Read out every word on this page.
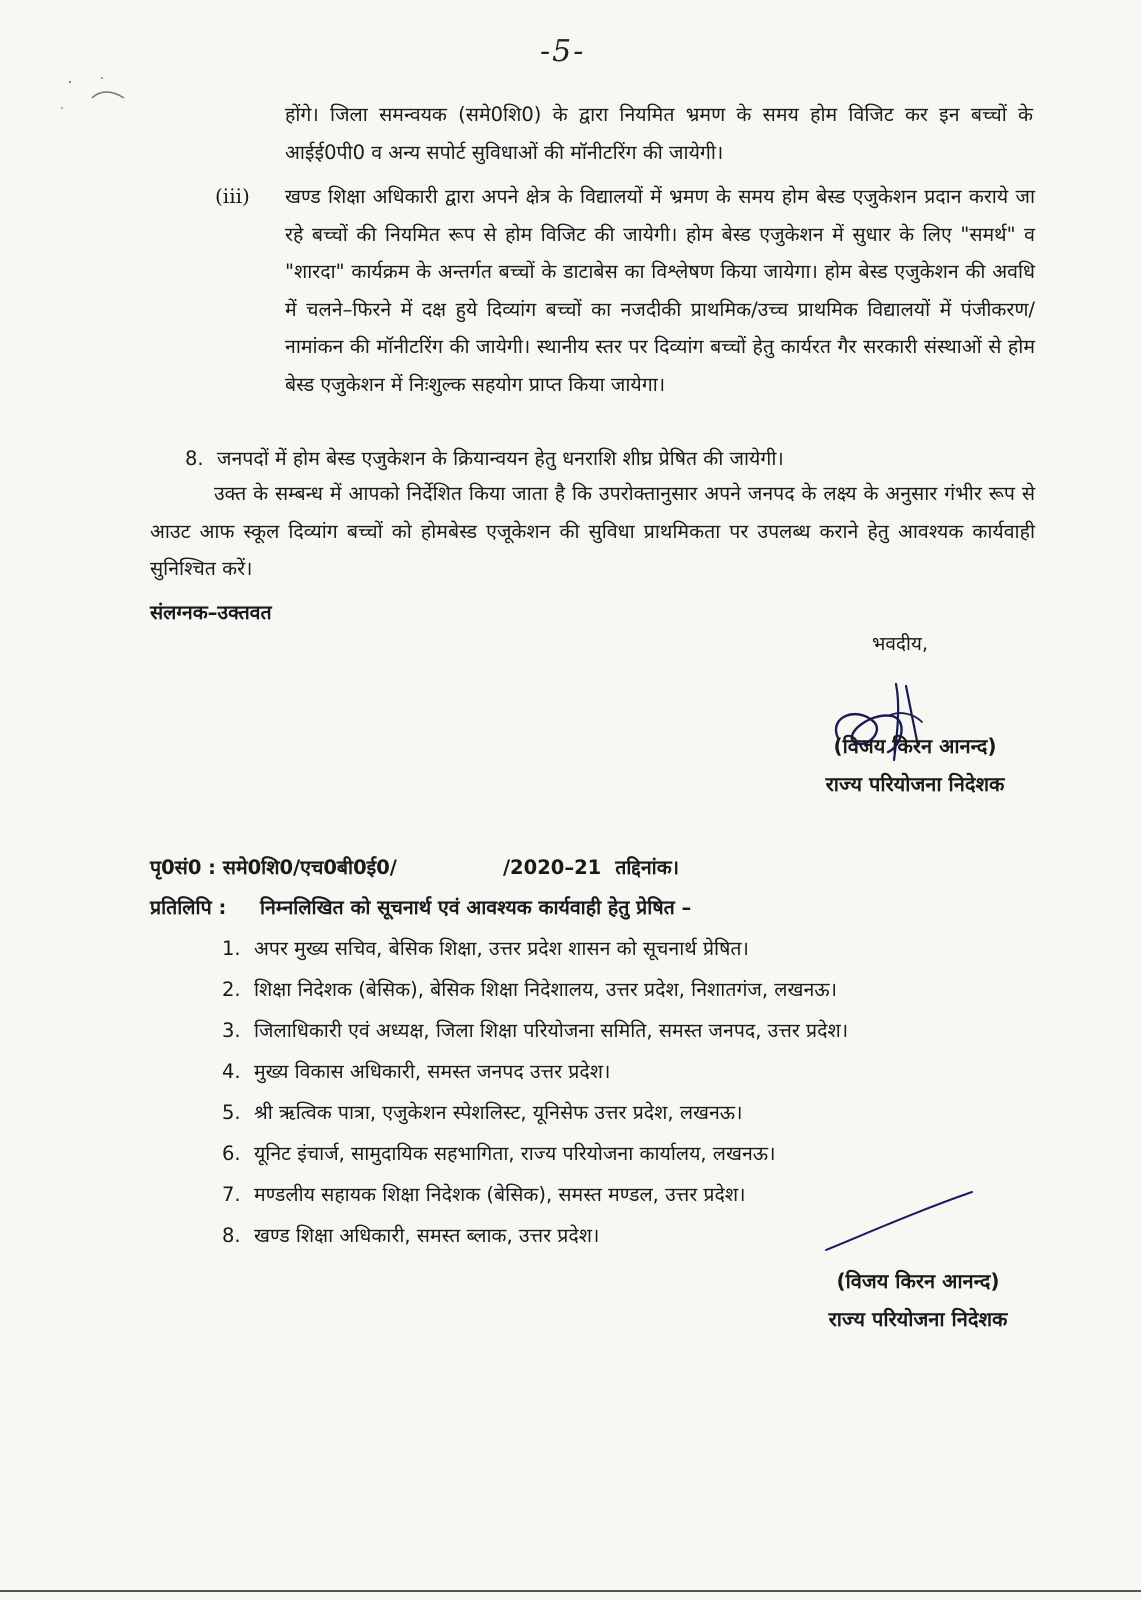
-5-

होंगे। जिला समन्वयक (समे0शि0) के द्वारा नियमित भ्रमण के समय होम विजिट कर इन बच्चों के आईई0पी0 व अन्य सपोर्ट सुविधाओं की मॉनीटरिंग की जायेगी।

(iii) खण्ड शिक्षा अधिकारी द्वारा अपने क्षेत्र के विद्यालयों में भ्रमण के समय होम बेस्ड एजुकेशन प्रदान कराये जा रहे बच्चों की नियमित रूप से होम विजिट की जायेगी। होम बेस्ड एजुकेशन में सुधार के लिए "समर्थ" व "शारदा" कार्यक्रम के अन्तर्गत बच्चों के डाटाबेस का विश्लेषण किया जायेगा। होम बेस्ड एजुकेशन की अवधि में चलने–फिरने में दक्ष हुये दिव्यांग बच्चों का नजदीकी प्राथमिक/उच्च प्राथमिक विद्यालयों में पंजीकरण/नामांकन की मॉनीटरिंग की जायेगी। स्थानीय स्तर पर दिव्यांग बच्चों हेतु कार्यरत गैर सरकारी संस्थाओं से होम बेस्ड एजुकेशन में निःशुल्क सहयोग प्राप्त किया जायेगा।

8. जनपदों में होम बेस्ड एजुकेशन के क्रियान्वयन हेतु धनराशि शीघ्र प्रेषित की जायेगी।

उक्त के सम्बन्ध में आपको निर्देशित किया जाता है कि उपरोक्तानुसार अपने जनपद के लक्ष्य के अनुसार गंभीर रूप से आउट आफ स्कूल दिव्यांग बच्चों को होमबेस्ड एजूकेशन की सुविधा प्राथमिकता पर उपलब्ध कराने हेतु आवश्यक कार्यवाही सुनिश्चित करें।

संलग्नक–उक्तवत
भवदीय,
(विजय किरन आनन्द)
राज्य परियोजना निदेशक
पृ0सं0 : समे0शि0/एच0बी0ई0/	/2020–21 तद्दिनांक।
प्रतिलिपि : निम्नलिखित को सूचनार्थ एवं आवश्यक कार्यवाही हेतु प्रेषित –
1. अपर मुख्य सचिव, बेसिक शिक्षा, उत्तर प्रदेश शासन को सूचनार्थ प्रेषित।
2. शिक्षा निदेशक (बेसिक), बेसिक शिक्षा निदेशालय, उत्तर प्रदेश, निशातगंज, लखनऊ।
3. जिलाधिकारी एवं अध्यक्ष, जिला शिक्षा परियोजना समिति, समस्त जनपद, उत्तर प्रदेश।
4. मुख्य विकास अधिकारी, समस्त जनपद उत्तर प्रदेश।
5. श्री ऋत्विक पात्रा, एजुकेशन स्पेशलिस्ट, यूनिसेफ उत्तर प्रदेश, लखनऊ।
6. यूनिट इंचार्ज, सामुदायिक सहभागिता, राज्य परियोजना कार्यालय, लखनऊ।
7. मण्डलीय सहायक शिक्षा निदेशक (बेसिक), समस्त मण्डल, उत्तर प्रदेश।
8. खण्ड शिक्षा अधिकारी, समस्त ब्लाक, उत्तर प्रदेश।
(विजय किरन आनन्द)
राज्य परियोजना निदेशक
